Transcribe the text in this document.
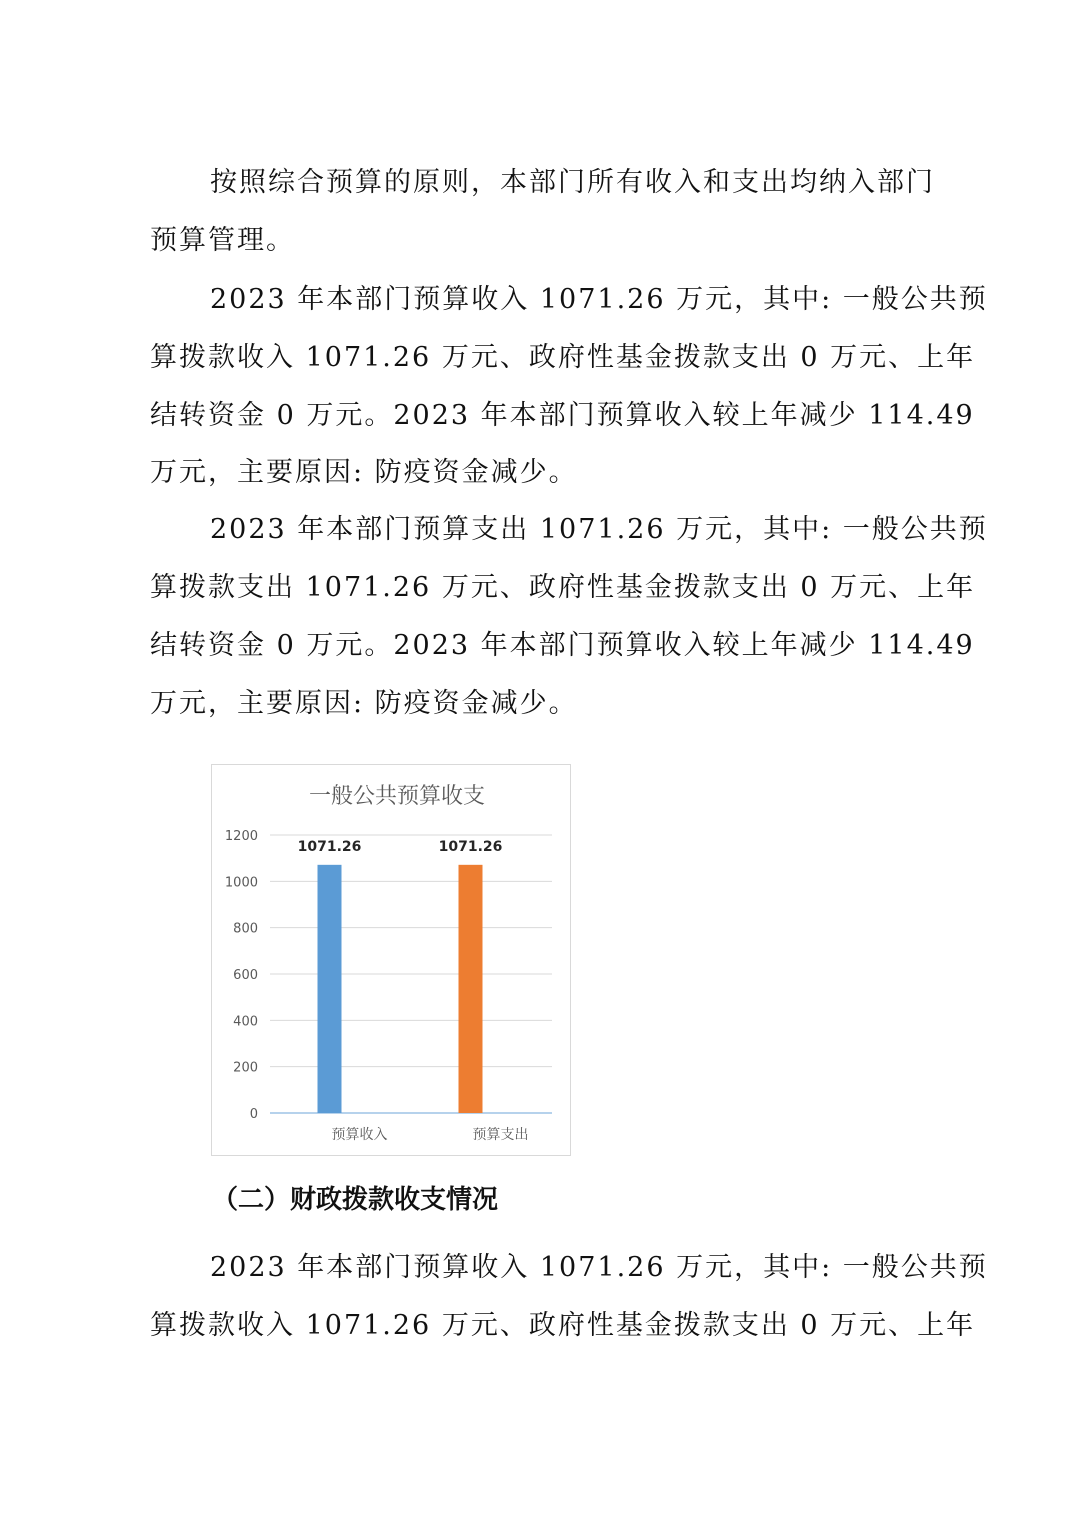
按照综合预算的原则，本部门所有收入和支出均纳入部门
预算管理。
2023 年本部门预算收入 1071.26 万元，其中: 一般公共预
算拨款收入 1071.26 万元、政府性基金拨款支出 0 万元、上年
结转资金 0 万元。2023 年本部门预算收入较上年减少 114.49
万元，主要原因: 防疫资金减少。
2023 年本部门预算支出 1071.26 万元，其中: 一般公共预
算拨款支出 1071.26 万元、政府性基金拨款支出 0 万元、上年
结转资金 0 万元。2023 年本部门预算收入较上年减少 114.49
万元，主要原因: 防疫资金减少。
一般公共预算收支
0
200
400
600
800
1000
1200
1071.26	1071.26
预算收入	预算支出
（二）财政拨款收支情况
2023 年本部门预算收入 1071.26 万元，其中: 一般公共预
算拨款收入 1071.26 万元、政府性基金拨款支出 0 万元、上年
